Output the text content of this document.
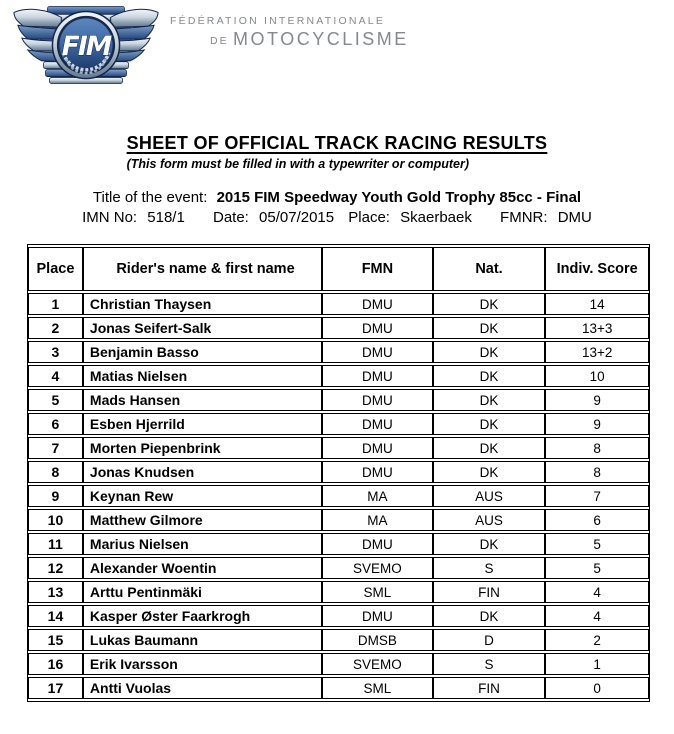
FIM
FÉDÉRATION INTERNATIONALE
DE MOTOCYCLISME
SHEET OF OFFICIAL TRACK RACING RESULTS
(This form must be filled in with a typewriter or computer)
Title of the event: 2015 FIM Speedway Youth Gold Trophy 85cc - Final
IMN No: 518/1 Date: 05/07/2015 Place: Skaerbaek FMNR: DMU
Place	Rider's name & first name	FMN	Nat.	Indiv. Score
1	Christian Thaysen	DMU	DK	14
2	Jonas Seifert-Salk	DMU	DK	13+3
3	Benjamin Basso	DMU	DK	13+2
4	Matias Nielsen	DMU	DK	10
5	Mads Hansen	DMU	DK	9
6	Esben Hjerrild	DMU	DK	9
7	Morten Piepenbrink	DMU	DK	8
8	Jonas Knudsen	DMU	DK	8
9	Keynan Rew	MA	AUS	7
10	Matthew Gilmore	MA	AUS	6
11	Marius Nielsen	DMU	DK	5
12	Alexander Woentin	SVEMO	S	5
13	Arttu Pentinmäki	SML	FIN	4
14	Kasper Øster Faarkrogh	DMU	DK	4
15	Lukas Baumann	DMSB	D	2
16	Erik Ivarsson	SVEMO	S	1
17	Antti Vuolas	SML	FIN	0
